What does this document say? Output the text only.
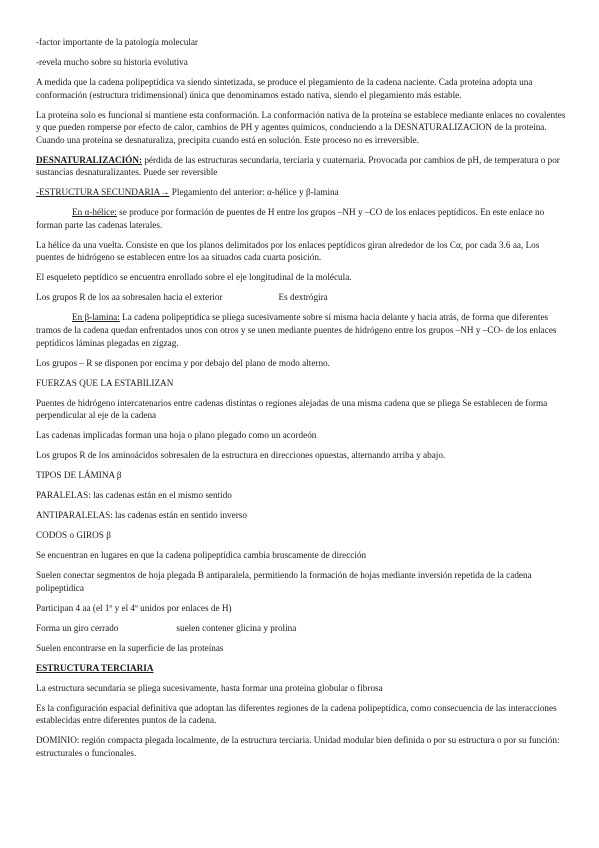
-factor importante de la patología molecular

-revela mucho sobre su historia evolutiva

A medida que la cadena polipeptídica va siendo sintetizada, se produce el plegamiento de la cadena naciente. Cada proteína adopta una conformación (estructura tridimensional) única que denominamos estado nativa, siendo el plegamiento más estable.

La proteína solo es funcional si mantiene esta conformación. La conformación nativa de la proteína se establece mediante enlaces no covalentes y que pueden romperse por efecto de calor, cambios de PH y agentes químicos, conduciendo a la DESNATURALIZACION de la proteína. Cuando una proteína se desnaturaliza, precipita cuando está en solución. Este proceso no es irreversible.

DESNATURALIZACIÓN: pérdida de las estructuras secundaria, terciaria y cuaternaria. Provocada por cambios de pH, de temperatura o por sustancias desnaturalizantes. Puede ser reversible

-ESTRUCTURA SECUNDARIA→ Plegamiento del anterior: α-hélice y β-lamina

En α-hélice: se produce por formación de puentes de H entre los grupos –NH y –CO de los enlaces peptídicos. En este enlace no forman parte las cadenas laterales.

La hélice da una vuelta. Consiste en que los planos delimitados por los enlaces peptídicos giran alrededor de los Cα, por cada 3.6 aa, Los puentes de hidrógeno se establecen entre los aa situados cada cuarta posición.

El esqueleto peptídico se encuentra enrollado sobre el eje longitudinal de la molécula.

Los grupos R de los aa sobresalen hacia el exterior	Es dextrógira

En β-lamina: La cadena polipeptídica se pliega sucesivamente sobre sí misma hacia delante y hacia atrás, de forma que diferentes tramos de la cadena quedan enfrentados unos con otros y se unen mediante puentes de hidrógeno entre los grupos –NH y –CO- de los enlaces peptídicos láminas plegadas en zigzag.

Los grupos – R se disponen por encima y por debajo del plano de modo alterno.

FUERZAS QUE LA ESTABILIZAN

Puentes de hidrógeno intercatenarios entre cadenas distintas o regiones alejadas de una misma cadena que se pliega Se establecen de forma perpendicular al eje de la cadena

Las cadenas implicadas forman una hoja o plano plegado como un acordeón

Los grupos R de los aminoácidos sobresalen de la estructura en direcciones opuestas, alternando arriba y abajo.

TIPOS DE LÁMINA β

PARALELAS: las cadenas están en el mismo sentido

ANTIPARALELAS: las cadenas están en sentido inverso

CODOS o GIROS β

Se encuentran en lugares en que la cadena polipeptídica cambia bruscamente de dirección

Suelen conectar segmentos de hoja plegada B antiparalela, permitiendo la formación de hojas mediante inversión repetida de la cadena polipeptídica

Participan 4 aa (el 1º y el 4º unidos por enlaces de H)

Forma un giro cerrado	suelen contener glicina y prolina

Suelen encontrarse en la superficie de las proteínas

ESTRUCTURA TERCIARIA

La estructura secundaria se pliega sucesivamente, hasta formar una proteína globular o fibrosa

Es la configuración espacial definitiva que adoptan las diferentes regiones de la cadena polipeptídica, como consecuencia de las interacciones establecidas entre diferentes puntos de la cadena.

DOMINIO: región compacta plegada localmente, de la estructura terciaria. Unidad modular bien definida o por su estructura o por su función: estructurales o funcionales.
